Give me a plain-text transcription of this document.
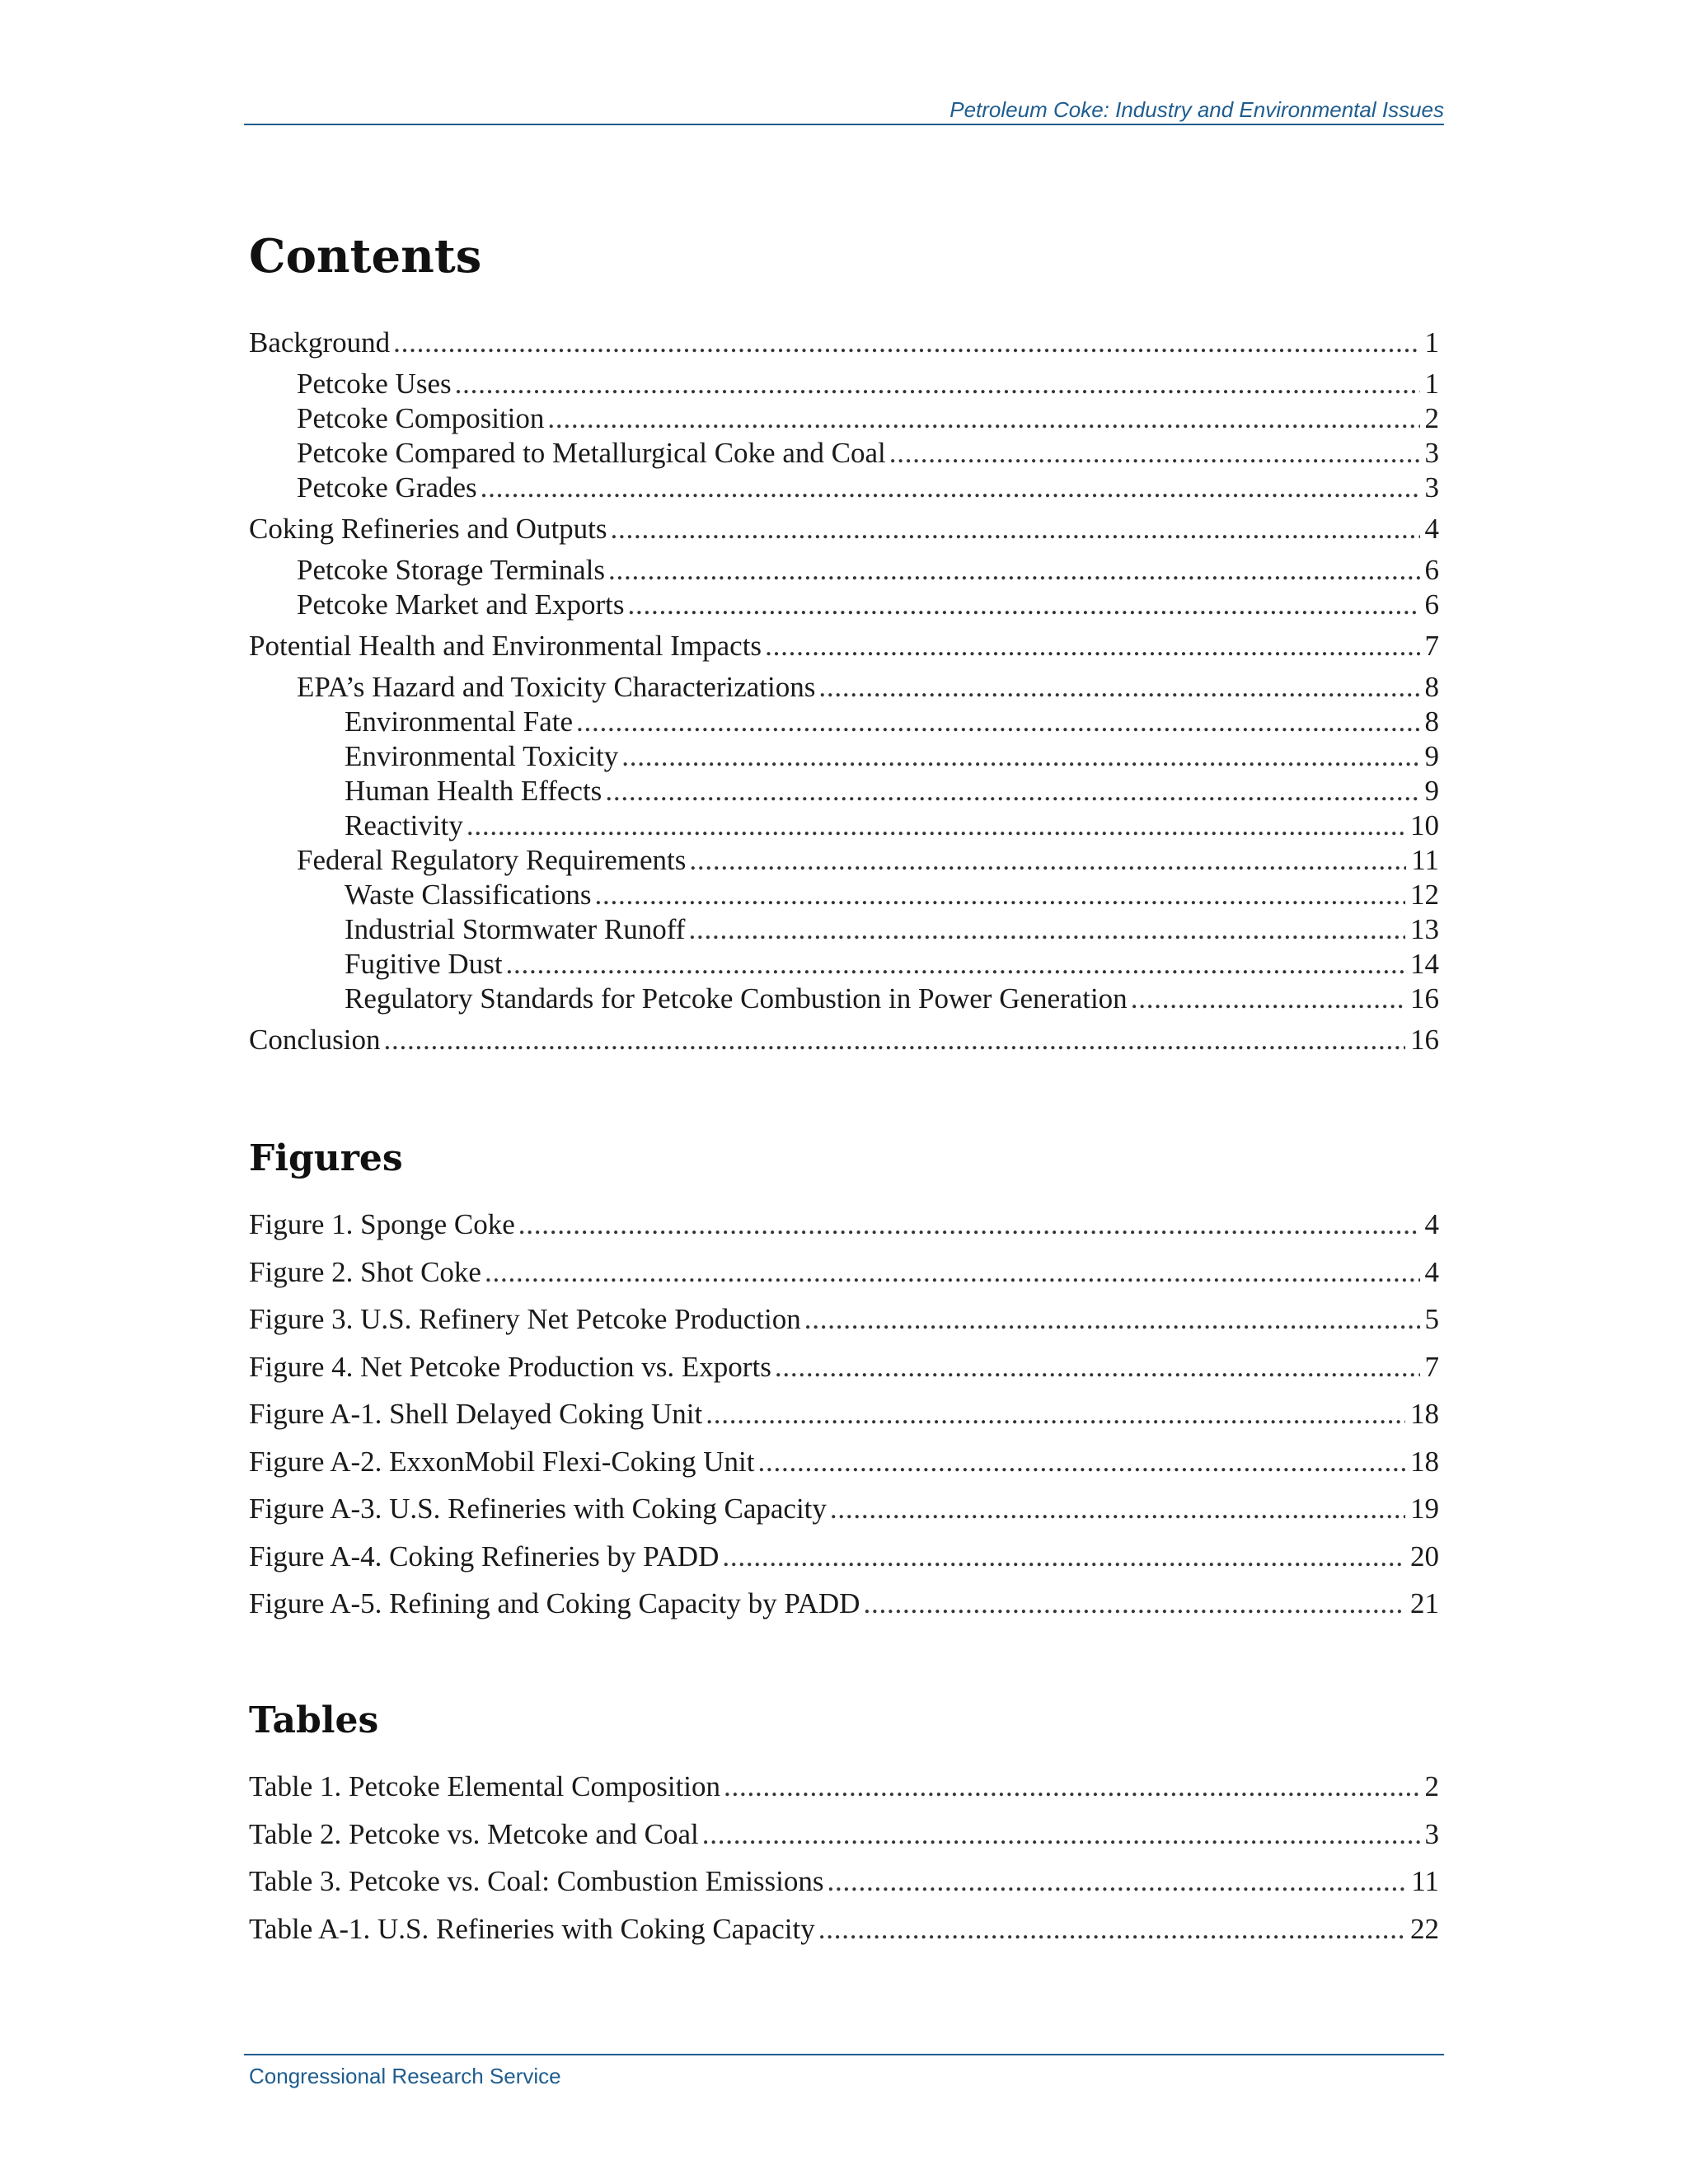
Petroleum Coke: Industry and Environmental Issues
Contents
Background . . .	1
Petcoke Uses . . .	1
Petcoke Composition . . .	2
Petcoke Compared to Metallurgical Coke and Coal . . .	3
Petcoke Grades . . .	3
Coking Refineries and Outputs . . .	4
Petcoke Storage Terminals . . .	6
Petcoke Market and Exports . . .	6
Potential Health and Environmental Impacts . . .	7
EPA’s Hazard and Toxicity Characterizations . . .	8
Environmental Fate . . .	8
Environmental Toxicity . . .	9
Human Health Effects . . .	9
Reactivity . . .	10
Federal Regulatory Requirements . . .	11
Waste Classifications . . .	12
Industrial Stormwater Runoff . . .	13
Fugitive Dust . . .	14
Regulatory Standards for Petcoke Combustion in Power Generation . . .	16
Conclusion . . .	16
Figures
Figure 1. Sponge Coke . . .	4
Figure 2. Shot Coke . . .	4
Figure 3. U.S. Refinery Net Petcoke Production . . .	5
Figure 4. Net Petcoke Production vs. Exports . . .	7
Figure A-1. Shell Delayed Coking Unit . . .	18
Figure A-2. ExxonMobil Flexi-Coking Unit . . .	18
Figure A-3. U.S. Refineries with Coking Capacity . . .	19
Figure A-4. Coking Refineries by PADD . . .	20
Figure A-5. Refining and Coking Capacity by PADD . . .	21
Tables
Table 1. Petcoke Elemental Composition . . .	2
Table 2. Petcoke vs. Metcoke and Coal . . .	3
Table 3. Petcoke vs. Coal: Combustion Emissions . . .	11
Table A-1. U.S. Refineries with Coking Capacity . . .	22
Congressional Research Service
